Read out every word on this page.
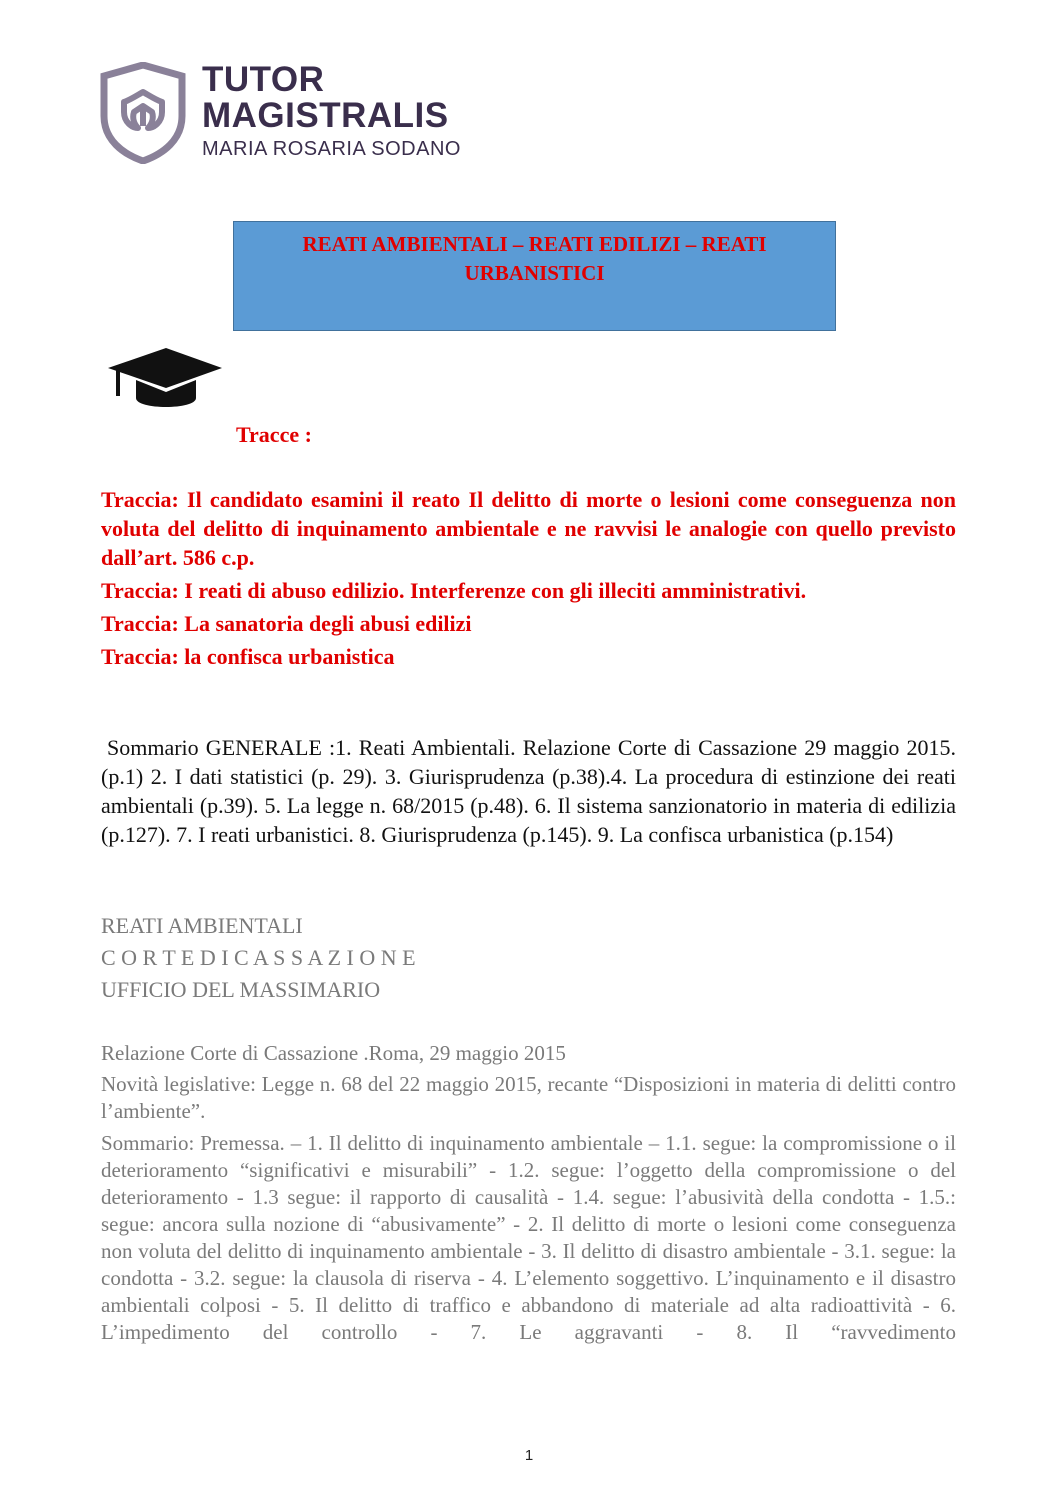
TUTOR
MAGISTRALIS
MARIA ROSARIA SODANO
REATI AMBIENTALI – REATI EDILIZI – REATI
URBANISTICI
Tracce :
Traccia: Il candidato esamini il reato Il delitto di morte o lesioni come conseguenza non voluta del delitto di inquinamento ambientale e ne ravvisi le analogie con quello previsto dall’art. 586 c.p.
Traccia: I reati di abuso edilizio. Interferenze con gli illeciti amministrativi.
Traccia: La sanatoria degli abusi edilizi
Traccia: la confisca urbanistica
Sommario GENERALE :1. Reati Ambientali. Relazione Corte di Cassazione 29 maggio 2015. (p.1) 2. I dati statistici (p. 29). 3. Giurisprudenza (p.38).4. La procedura di estinzione dei reati ambientali (p.39). 5. La legge n. 68/2015 (p.48). 6. Il sistema sanzionatorio in materia di edilizia (p.127). 7. I reati urbanistici. 8. Giurisprudenza (p.145). 9. La confisca urbanistica (p.154)
REATI AMBIENTALI
C O R T E D I C A S S A Z I O N E
UFFICIO DEL MASSIMARIO

Relazione Corte di Cassazione .Roma, 29 maggio 2015

Novità legislative: Legge n. 68 del 22 maggio 2015, recante “Disposizioni in materia di delitti contro l’ambiente”.

Sommario: Premessa. – 1. Il delitto di inquinamento ambientale – 1.1. segue: la compromissione o il deterioramento “significativi e misurabili” - 1.2. segue: l’oggetto della compromissione o del deterioramento - 1.3 segue: il rapporto di causalità - 1.4. segue: l’abusività della condotta - 1.5.: segue: ancora sulla nozione di “abusivamente” - 2. Il delitto di morte o lesioni come conseguenza non voluta del delitto di inquinamento ambientale - 3. Il delitto di disastro ambientale - 3.1. segue: la condotta - 3.2. segue: la clausola di riserva - 4. L’elemento soggettivo. L’inquinamento e il disastro ambientali colposi - 5. Il delitto di traffico e abbandono di materiale ad alta radioattività - 6. L’impedimento del controllo - 7. Le aggravanti - 8. Il “ravvedimento

1
